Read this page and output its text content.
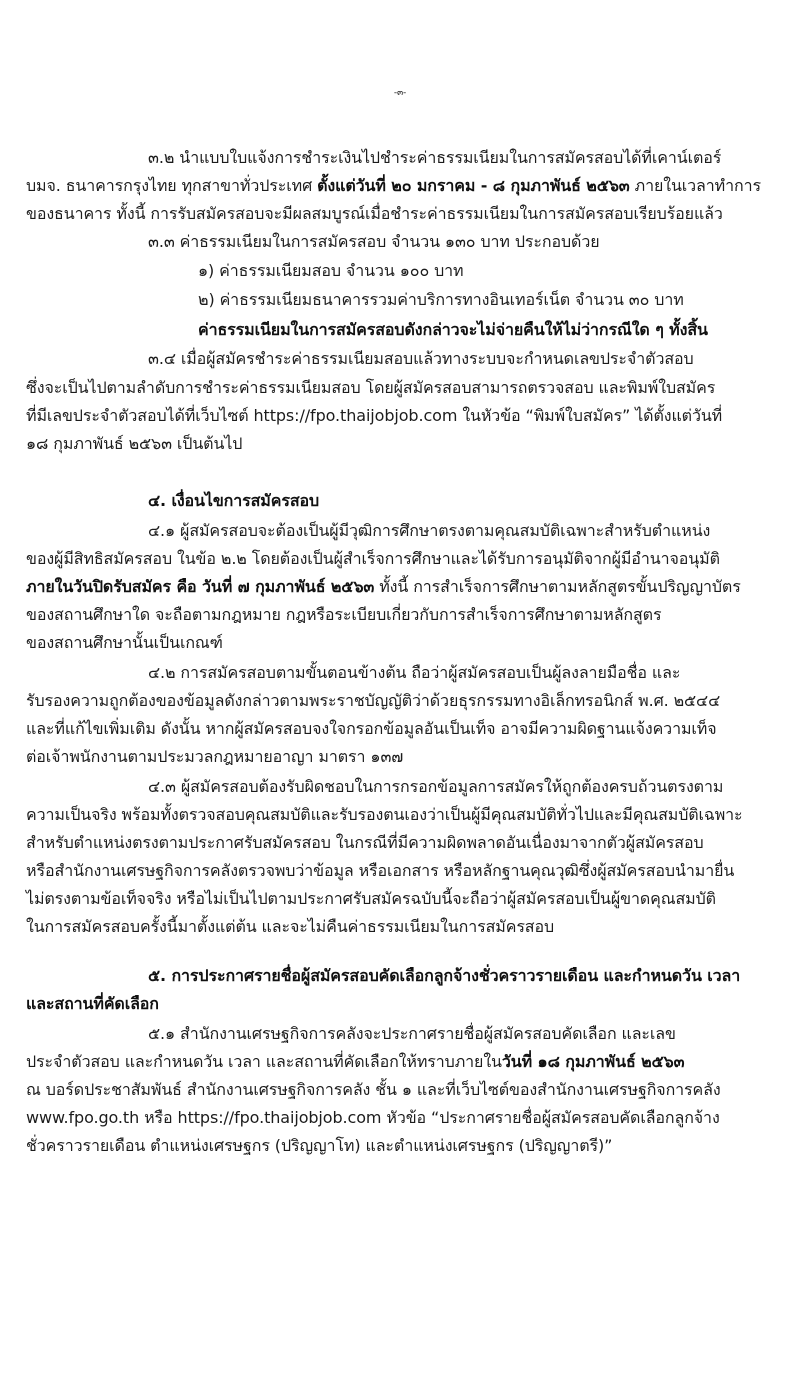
-๓-
๓.๒ นำแบบใบแจ้งการชำระเงินไปชำระค่าธรรมเนียมในการสมัครสอบได้ที่เคาน์เตอร์
บมจ. ธนาคารกรุงไทย ทุกสาขาทั่วประเทศ ตั้งแต่วันที่ ๒๐ มกราคม - ๘ กุมภาพันธ์ ๒๕๖๓ ภายในเวลาทำการ
ของธนาคาร ทั้งนี้ การรับสมัครสอบจะมีผลสมบูรณ์เมื่อชำระค่าธรรมเนียมในการสมัครสอบเรียบร้อยแล้ว
๓.๓ ค่าธรรมเนียมในการสมัครสอบ จำนวน ๑๓๐ บาท ประกอบด้วย
๑) ค่าธรรมเนียมสอบ จำนวน ๑๐๐ บาท
๒) ค่าธรรมเนียมธนาคารรวมค่าบริการทางอินเทอร์เน็ต จำนวน ๓๐ บาท
ค่าธรรมเนียมในการสมัครสอบดังกล่าวจะไม่จ่ายคืนให้ไม่ว่ากรณีใด ๆ ทั้งสิ้น
๓.๔ เมื่อผู้สมัครชำระค่าธรรมเนียมสอบแล้วทางระบบจะกำหนดเลขประจำตัวสอบ
ซึ่งจะเป็นไปตามลำดับการชำระค่าธรรมเนียมสอบ โดยผู้สมัครสอบสามารถตรวจสอบ และพิมพ์ใบสมัคร
ที่มีเลขประจำตัวสอบได้ที่เว็บไซต์ https://fpo.thaijobjob.com ในหัวข้อ “พิมพ์ใบสมัคร” ได้ตั้งแต่วันที่
๑๘ กุมภาพันธ์ ๒๕๖๓ เป็นต้นไป
๔. เงื่อนไขการสมัครสอบ
๔.๑ ผู้สมัครสอบจะต้องเป็นผู้มีวุฒิการศึกษาตรงตามคุณสมบัติเฉพาะสำหรับตำแหน่ง
ของผู้มีสิทธิสมัครสอบ ในข้อ ๒.๒ โดยต้องเป็นผู้สำเร็จการศึกษาและได้รับการอนุมัติจากผู้มีอำนาจอนุมัติ
ภายในวันปิดรับสมัคร คือ วันที่ ๗ กุมภาพันธ์ ๒๕๖๓ ทั้งนี้ การสำเร็จการศึกษาตามหลักสูตรขั้นปริญญาบัตร
ของสถานศึกษาใด จะถือตามกฎหมาย กฎหรือระเบียบเกี่ยวกับการสำเร็จการศึกษาตามหลักสูตร
ของสถานศึกษานั้นเป็นเกณฑ์
๔.๒ การสมัครสอบตามขั้นตอนข้างต้น ถือว่าผู้สมัครสอบเป็นผู้ลงลายมือชื่อ และ
รับรองความถูกต้องของข้อมูลดังกล่าวตามพระราชบัญญัติว่าด้วยธุรกรรมทางอิเล็กทรอนิกส์ พ.ศ. ๒๕๔๔
และที่แก้ไขเพิ่มเติม ดังนั้น หากผู้สมัครสอบจงใจกรอกข้อมูลอันเป็นเท็จ อาจมีความผิดฐานแจ้งความเท็จ
ต่อเจ้าพนักงานตามประมวลกฎหมายอาญา มาตรา ๑๓๗
๔.๓ ผู้สมัครสอบต้องรับผิดชอบในการกรอกข้อมูลการสมัครให้ถูกต้องครบถ้วนตรงตาม
ความเป็นจริง พร้อมทั้งตรวจสอบคุณสมบัติและรับรองตนเองว่าเป็นผู้มีคุณสมบัติทั่วไปและมีคุณสมบัติเฉพาะ
สำหรับตำแหน่งตรงตามประกาศรับสมัครสอบ ในกรณีที่มีความผิดพลาดอันเนื่องมาจากตัวผู้สมัครสอบ
หรือสำนักงานเศรษฐกิจการคลังตรวจพบว่าข้อมูล หรือเอกสาร หรือหลักฐานคุณวุฒิซึ่งผู้สมัครสอบนำมายื่น
ไม่ตรงตามข้อเท็จจริง หรือไม่เป็นไปตามประกาศรับสมัครฉบับนี้จะถือว่าผู้สมัครสอบเป็นผู้ขาดคุณสมบัติ
ในการสมัครสอบครั้งนี้มาตั้งแต่ต้น และจะไม่คืนค่าธรรมเนียมในการสมัครสอบ
๕. การประกาศรายชื่อผู้สมัครสอบคัดเลือกลูกจ้างชั่วคราวรายเดือน และกำหนดวัน เวลา
และสถานที่คัดเลือก
๕.๑ สำนักงานเศรษฐกิจการคลังจะประกาศรายชื่อผู้สมัครสอบคัดเลือก และเลข
ประจำตัวสอบ และกำหนดวัน เวลา และสถานที่คัดเลือกให้ทราบภายในวันที่ ๑๘ กุมภาพันธ์ ๒๕๖๓
ณ บอร์ดประชาสัมพันธ์ สำนักงานเศรษฐกิจการคลัง ชั้น ๑ และที่เว็บไซต์ของสำนักงานเศรษฐกิจการคลัง
www.fpo.go.th หรือ https://fpo.thaijobjob.com หัวข้อ “ประกาศรายชื่อผู้สมัครสอบคัดเลือกลูกจ้าง
ชั่วคราวรายเดือน ตำแหน่งเศรษฐกร (ปริญญาโท) และตำแหน่งเศรษฐกร (ปริญญาตรี)”
